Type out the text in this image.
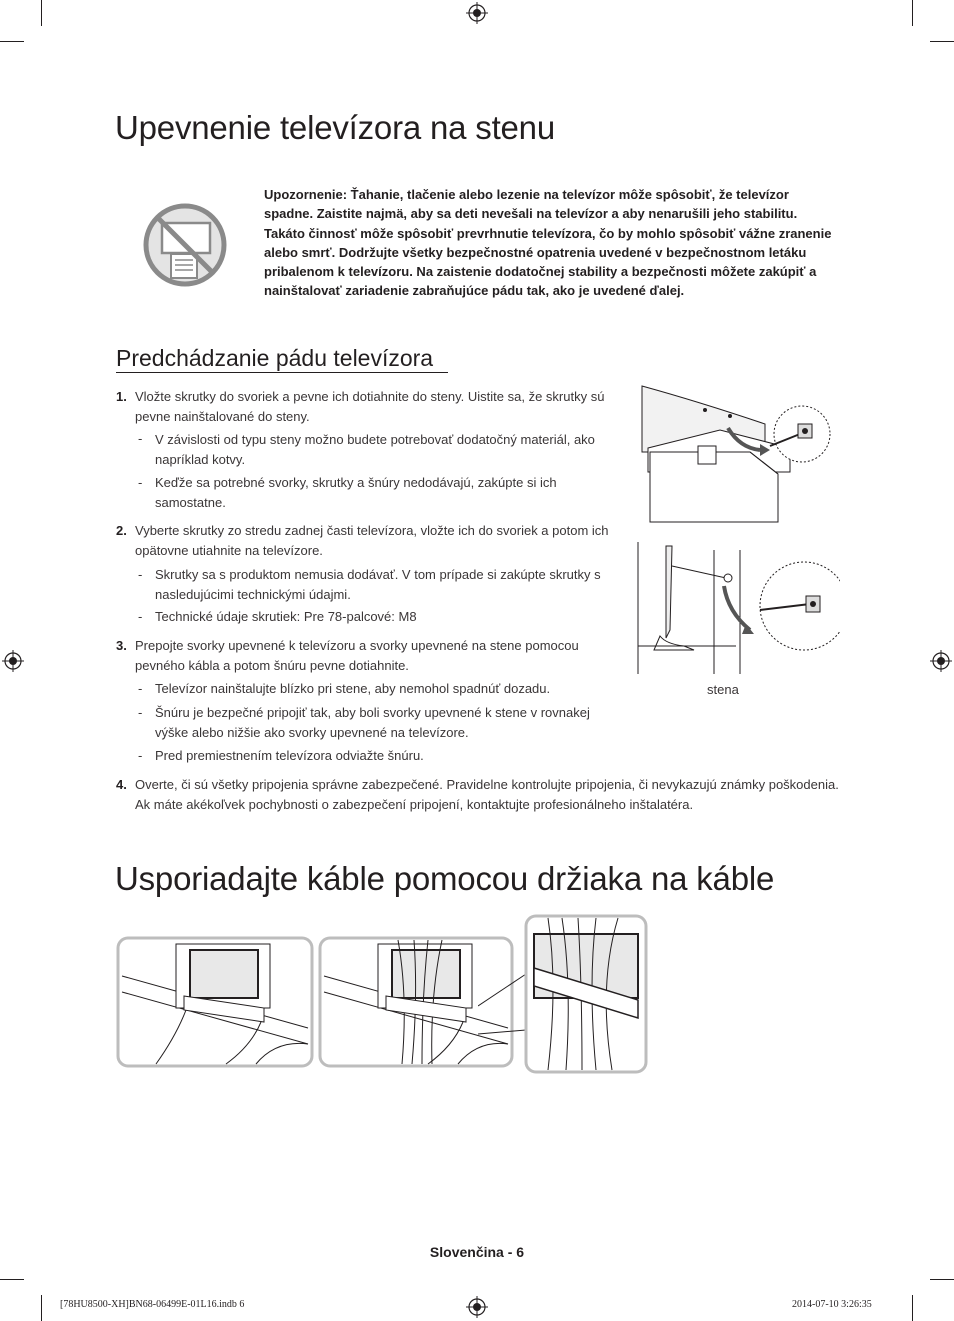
Upevnenie televízora na stenu
Upozornenie: Ťahanie, tlačenie alebo lezenie na televízor môže spôsobiť, že televízor
spadne. Zaistite najmä, aby sa deti nevešali na televízor a aby nenarušili jeho stabilitu.
Takáto činnosť môže spôsobiť prevrhnutie televízora, čo by mohlo spôsobiť vážne zranenie
alebo smrť. Dodržujte všetky bezpečnostné opatrenia uvedené v bezpečnostnom letáku
pribalenom k televízoru. Na zaistenie dodatočnej stability a bezpečnosti môžete zakúpiť a
nainštalovať zariadenie zabraňujúce pádu tak, ako je uvedené ďalej.
Predchádzanie pádu televízora
1. Vložte skrutky do svoriek a pevne ich dotiahnite do steny. Uistite sa, že skrutky sú
pevne nainštalované do steny.
- V závislosti od typu steny možno budete potrebovať dodatočný materiál, ako
napríklad kotvy.
- Keďže sa potrebné svorky, skrutky a šnúry nedodávajú, zakúpte si ich
samostatne.
2. Vyberte skrutky zo stredu zadnej časti televízora, vložte ich do svoriek a potom ich
opätovne utiahnite na televízore.
- Skrutky sa s produktom nemusia dodávať. V tom prípade si zakúpte skrutky s
nasledujúcimi technickými údajmi.
- Technické údaje skrutiek: Pre 78-palcové: M8
3. Prepojte svorky upevnené k televízoru a svorky upevnené na stene pomocou
pevného kábla a potom šnúru pevne dotiahnite.
- Televízor nainštalujte blízko pri stene, aby nemohol spadnúť dozadu.
- Šnúru je bezpečné pripojiť tak, aby boli svorky upevnené k stene v rovnakej
výške alebo nižšie ako svorky upevnené na televízore.
- Pred premiestnením televízora odviažte šnúru.
4. Overte, či sú všetky pripojenia správne zabezpečené. Pravidelne kontrolujte pripojenia, či nevykazujú známky poškodenia.
Ak máte akékoľvek pochybnosti o zabezpečení pripojení, kontaktujte profesionálneho inštalatéra.
stena
Usporiadajte káble pomocou držiaka na káble
Slovenčina - 6
[78HU8500-XH]BN68-06499E-01L16.indb 6	2014-07-10 3:26:35
